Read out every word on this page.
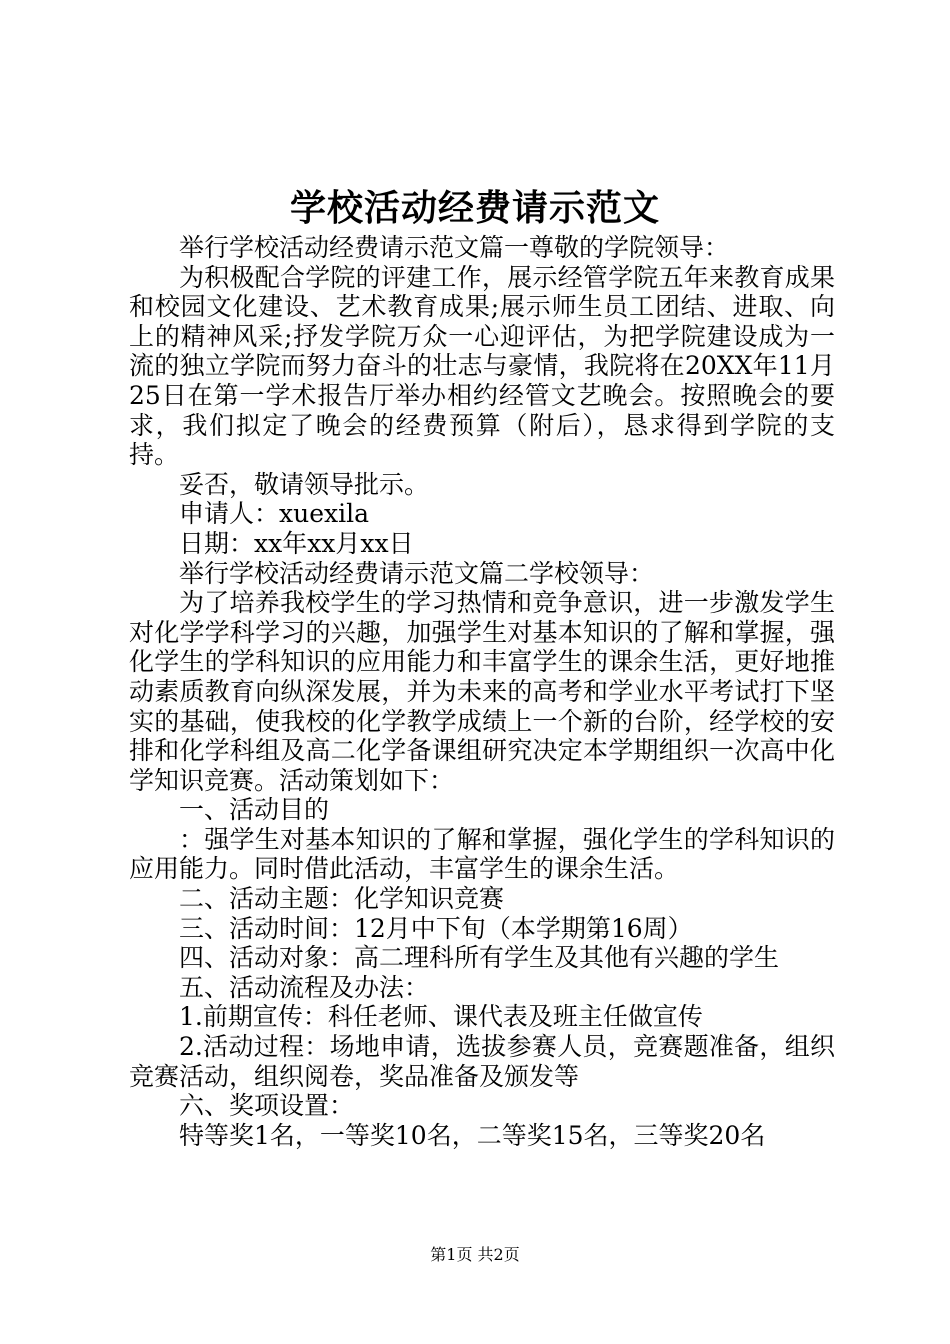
学校活动经费请示范文

举行学校活动经费请示范文篇一尊敬的学院领导：

为积极配合学院的评建工作，展示经管学院五年来教育成果和校园文化建设、艺术教育成果;展示师生员工团结、进取、向上的精神风采;抒发学院万众一心迎评估，为把学院建设成为一流的独立学院而努力奋斗的壮志与豪情，我院将在20XX年11月25日在第一学术报告厅举办相约经管文艺晚会。按照晚会的要求，我们拟定了晚会的经费预算（附后），恳求得到学院的支持。

妥否，敬请领导批示。

申请人：xuexila

日期：xx年xx月xx日

举行学校活动经费请示范文篇二学校领导：

为了培养我校学生的学习热情和竞争意识，进一步激发学生对化学学科学习的兴趣，加强学生对基本知识的了解和掌握，强化学生的学科知识的应用能力和丰富学生的课余生活，更好地推动素质教育向纵深发展，并为未来的高考和学业水平考试打下坚实的基础，使我校的化学教学成绩上一个新的台阶，经学校的安排和化学科组及高二化学备课组研究决定本学期组织一次高中化学知识竞赛。活动策划如下：

一、活动目的

：强学生对基本知识的了解和掌握，强化学生的学科知识的应用能力。同时借此活动，丰富学生的课余生活。

二、活动主题：化学知识竞赛

三、活动时间：12月中下旬（本学期第16周）

四、活动对象：高二理科所有学生及其他有兴趣的学生

五、活动流程及办法：

1.前期宣传：科任老师、课代表及班主任做宣传

2.活动过程：场地申请，选拔参赛人员，竞赛题准备，组织竞赛活动，组织阅卷，奖品准备及颁发等

六、奖项设置：

特等奖1名，一等奖10名，二等奖15名，三等奖20名

第1页 共2页
